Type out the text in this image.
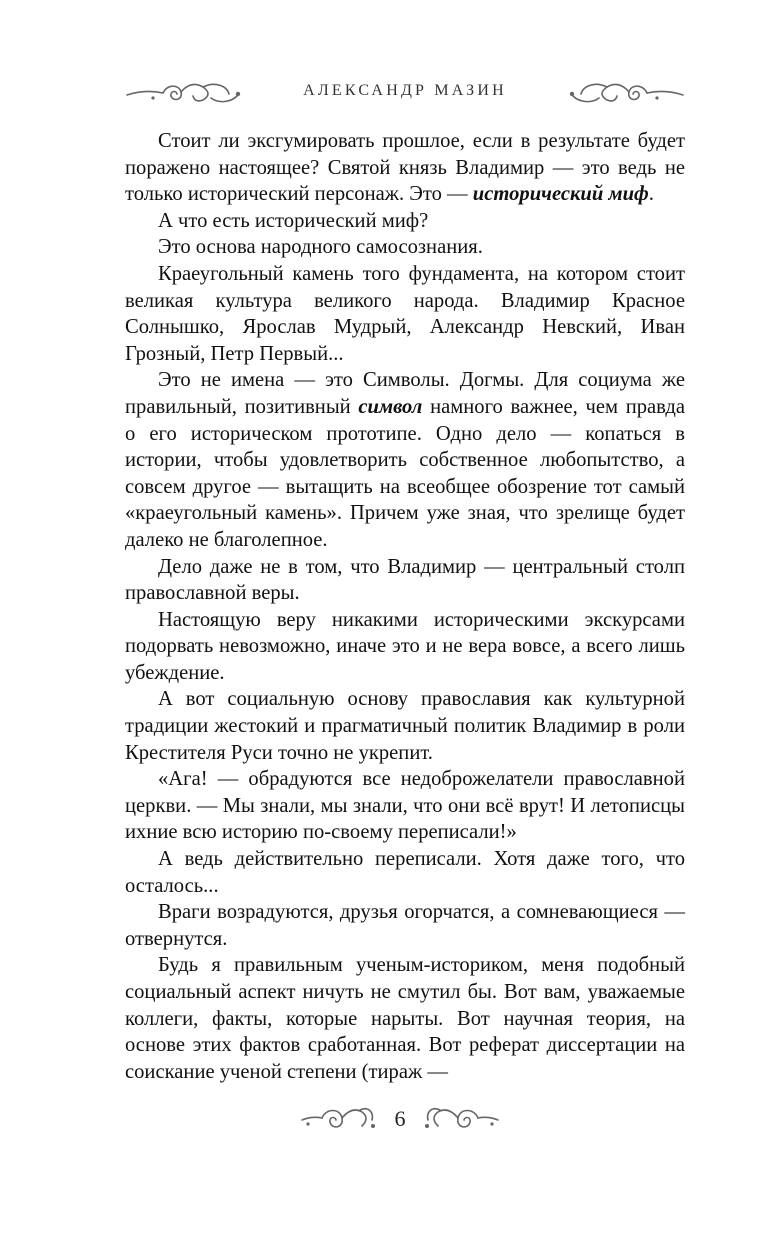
АЛЕКСАНДР МАЗИН

Стоит ли эксгумировать прошлое, если в результате будет поражено настоящее? Святой князь Владимир — это ведь не только исторический персонаж. Это — исторический миф.

А что есть исторический миф?

Это основа народного самосознания.

Краеугольный камень того фундамента, на котором стоит великая культура великого народа. Владимир Красное Солнышко, Ярослав Мудрый, Александр Невский, Иван Грозный, Петр Первый...

Это не имена — это Символы. Догмы. Для социума же правильный, позитивный символ намного важнее, чем правда о его историческом прототипе. Одно дело — копаться в истории, чтобы удовлетворить собственное любопытство, а совсем другое — вытащить на всеобщее обозрение тот самый «краеугольный камень». Причем уже зная, что зрелище будет далеко не благолепное.

Дело даже не в том, что Владимир — центральный столп православной веры.

Настоящую веру никакими историческими экскурсами подорвать невозможно, иначе это и не вера вовсе, а всего лишь убеждение.

А вот социальную основу православия как культурной традиции жестокий и прагматичный политик Владимир в роли Крестителя Руси точно не укрепит.

«Ага! — обрадуются все недоброжелатели православной церкви. — Мы знали, мы знали, что они всё врут! И летописцы ихние всю историю по-своему переписали!»

А ведь действительно переписали. Хотя даже того, что осталось...

Враги возрадуются, друзья огорчатся, а сомневающиеся — отвернутся.

Будь я правильным ученым-историком, меня подобный социальный аспект ничуть не смутил бы. Вот вам, уважаемые коллеги, факты, которые нарыты. Вот научная теория, на основе этих фактов сработанная. Вот реферат диссертации на соискание ученой степени (тираж —

6
